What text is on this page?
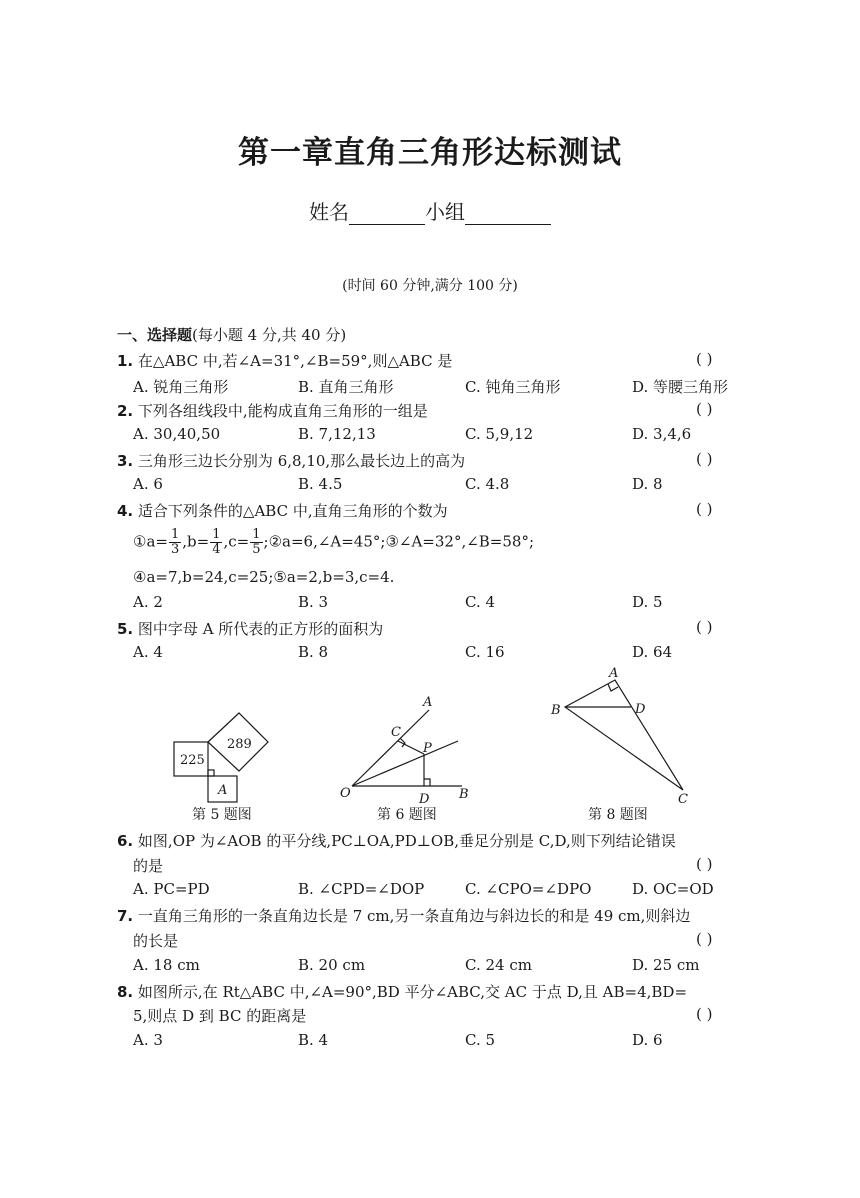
第一章直角三角形达标测试
姓名	小组
(时间 60 分钟,满分 100 分)
一、选择题(每小题 4 分,共 40 分)
1. 在△ABC 中,若∠A=31°,∠B=59°,则△ABC 是	( )
A. 锐角三角形	B. 直角三角形	C. 钝角三角形	D. 等腰三角形
2. 下列各组线段中,能构成直角三角形的一组是	( )
A. 30,40,50	B. 7,12,13	C. 5,9,12	D. 3,4,6
3. 三角形三边长分别为 6,8,10,那么最长边上的高为	( )
A. 6	B. 4.5	C. 4.8	D. 8
4. 适合下列条件的△ABC 中,直角三角形的个数为	( )
①a= $\frac{1}{3} ,b= \frac{1}{4} ,c= \frac{1}{5}$ ;②a=6,∠A=45°;③∠A=32°,∠B=58°;
④a=7,b=24,c=25;⑤a=2,b=3,c=4.
A. 2	B. 3	C. 4	D. 5
5. 图中字母 A 所代表的正方形的面积为	( )
A. 4	B. 8	C. 16	D. 64
225
289
A
A
C
P
O	D B
A
B	D
C
第 5 题图	第 6 题图	第 8 题图
6. 如图,OP 为∠AOB 的平分线,PC⊥OA,PD⊥OB,垂足分别是 C,D,则下列结论错误
的是	( )
A. PC=PD	B. ∠CPD=∠DOP	C. ∠CPO=∠DPO	D. OC=OD
7. 一直角三角形的一条直角边长是 7 cm,另一条直角边与斜边长的和是 49 cm,则斜边
的长是	( )
A. 18 cm	B. 20 cm	C. 24 cm	D. 25 cm
8. 如图所示,在 Rt△ABC 中,∠A=90°,BD 平分∠ABC,交 AC 于点 D,且 AB=4,BD=
5,则点 D 到 BC 的距离是	( )
A. 3	B. 4	C. 5	D. 6
